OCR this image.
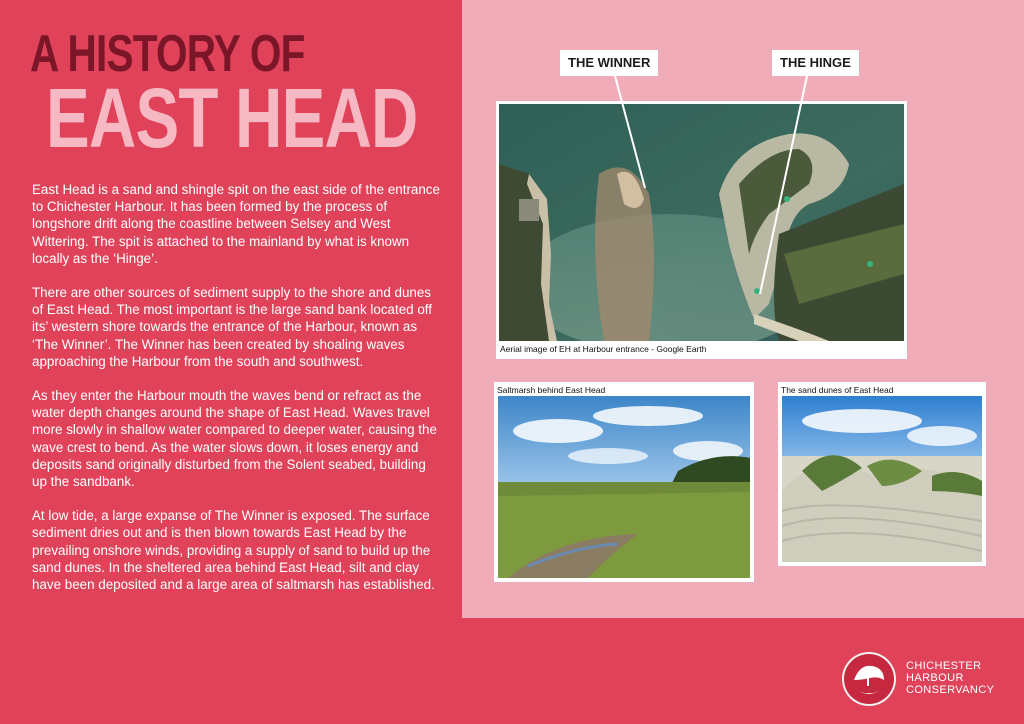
A HISTORY OF
EAST HEAD

East Head is a sand and shingle spit on the east side of the entrance to Chichester Harbour. It has been formed by the process of longshore drift along the coastline between Selsey and West Wittering. The spit is attached to the mainland by what is known locally as the ‘Hinge’.

There are other sources of sediment supply to the shore and dunes of East Head. The most important is the large sand bank located off its’ western shore towards the entrance of the Harbour, known as ‘The Winner’. The Winner has been created by shoaling waves approaching the Harbour from the south and southwest.

As they enter the Harbour mouth the waves bend or refract as the water depth changes around the shape of East Head. Waves travel more slowly in shallow water compared to deeper water, causing the wave crest to bend. As the water slows down, it loses energy and deposits sand originally disturbed from the Solent seabed, building up the sandbank.

At low tide, a large expanse of The Winner is exposed. The surface sediment dries out and is then blown towards East Head by the prevailing onshore winds, providing a supply of sand to build up the sand dunes. In the sheltered area behind East Head, silt and clay have been deposited and a large area of saltmarsh has established.

Aerial image of EH at Harbour entrance - Google Earth
THE WINNER	THE HINGE
Saltmarsh behind East Head	The sand dunes of East Head
CHICHESTER
HARBOUR
CONSERVANCY
